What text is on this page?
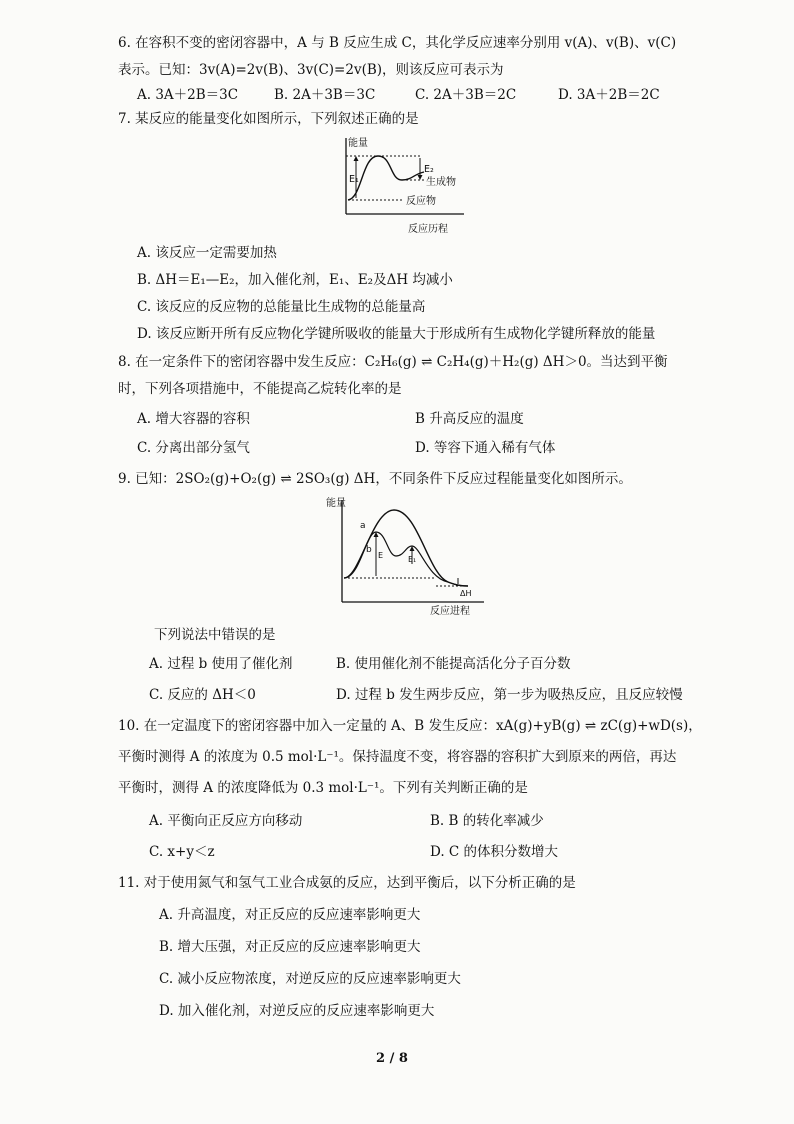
6. 在容积不变的密闭容器中，A 与 B 反应生成 C，其化学反应速率分别用 v(A)、v(B)、v(C)
表示。已知：3v(A)=2v(B)、3v(C)=2v(B)，则该反应可表示为
A. 3A＋2B＝3C	B. 2A＋3B＝3C	C. 2A＋3B＝2C	D. 3A＋2B＝2C
7. 某反应的能量变化如图所示，下列叙述正确的是
能量
E₁
E₂
生成物
反应物
反应历程
A. 该反应一定需要加热
B. ΔH＝E₁—E₂，加入催化剂，E₁、E₂及ΔH 均减小
C. 该反应的反应物的总能量比生成物的总能量高
D. 该反应断开所有反应物化学键所吸收的能量大于形成所有生成物化学键所释放的能量
8. 在一定条件下的密闭容器中发生反应：C₂H₆(g) ⇌ C₂H₄(g)＋H₂(g) ΔH＞0。当达到平衡
时，下列各项措施中，不能提高乙烷转化率的是
A. 增大容器的容积	B 升高反应的温度
C. 分离出部分氢气	D. 等容下通入稀有气体
9. 已知：2SO₂(g)+O₂(g) ⇌ 2SO₃(g) ΔH，不同条件下反应过程能量变化如图所示。
能量
a
b
E	E₁
ΔH
反应进程
下列说法中错误的是
A. 过程 b 使用了催化剂	B. 使用催化剂不能提高活化分子百分数
C. 反应的 ΔH＜0	D. 过程 b 发生两步反应，第一步为吸热反应，且反应较慢
10. 在一定温度下的密闭容器中加入一定量的 A、B 发生反应：xA(g)+yB(g) ⇌ zC(g)+wD(s)，
平衡时测得 A 的浓度为 0.5 mol·L⁻¹。保持温度不变，将容器的容积扩大到原来的两倍，再达
平衡时，测得 A 的浓度降低为 0.3 mol·L⁻¹。下列有关判断正确的是
A. 平衡向正反应方向移动	B. B 的转化率减少
C. x+y＜z	D. C 的体积分数增大
11. 对于使用氮气和氢气工业合成氨的反应，达到平衡后，以下分析正确的是
A. 升高温度，对正反应的反应速率影响更大
B. 增大压强，对正反应的反应速率影响更大
C. 减小反应物浓度，对逆反应的反应速率影响更大
D. 加入催化剂，对逆反应的反应速率影响更大
2 / 8
